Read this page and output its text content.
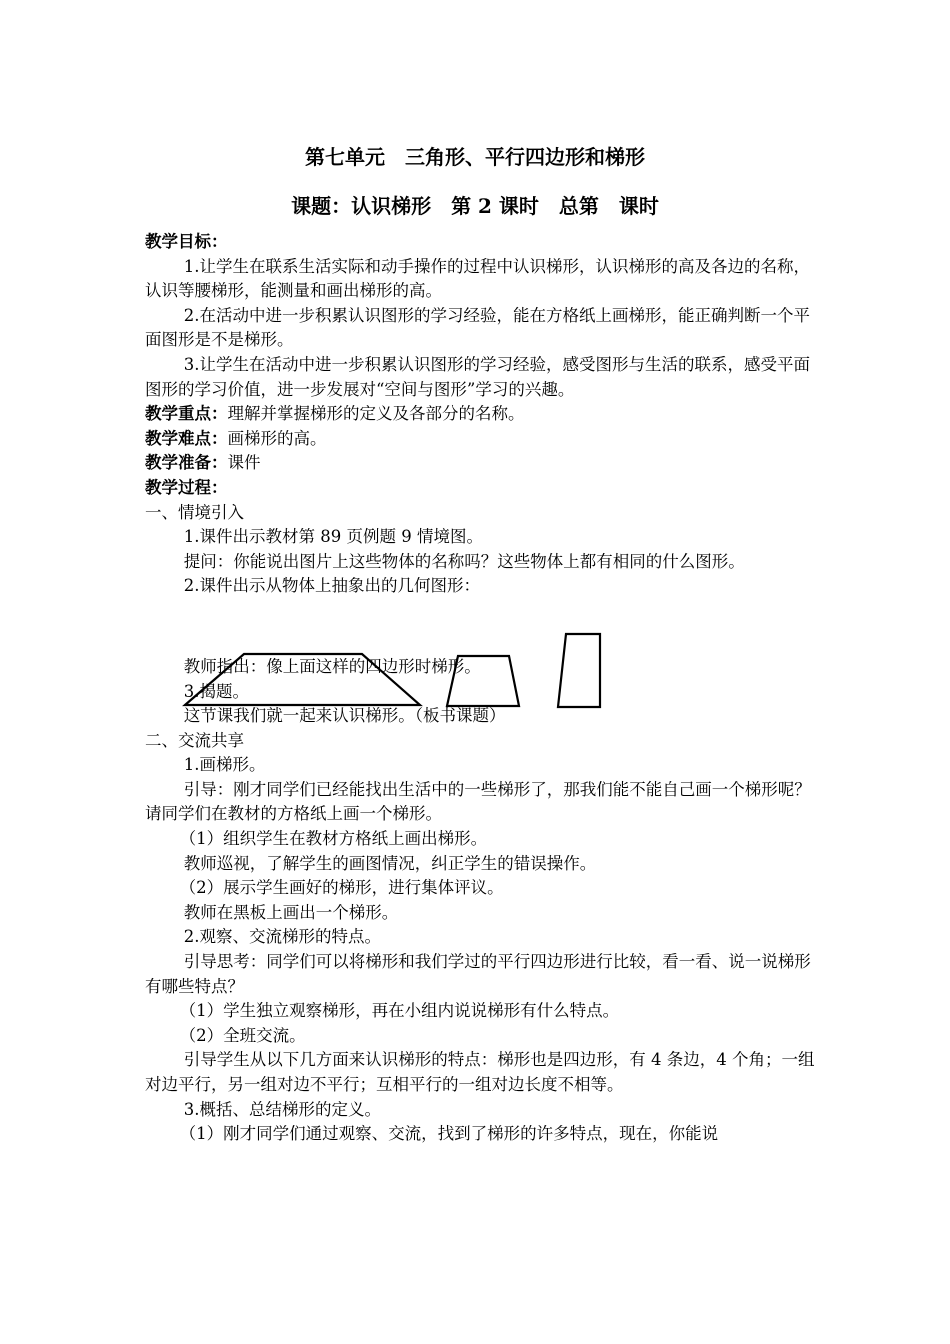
第七单元　三角形、平行四边形和梯形
课题：认识梯形　第 2 课时　总第　课时

教学目标：

1.让学生在联系生活实际和动手操作的过程中认识梯形，认识梯形的高及各边的名称，认识等腰梯形，能测量和画出梯形的高。

2.在活动中进一步积累认识图形的学习经验，能在方格纸上画梯形，能正确判断一个平面图形是不是梯形。

3.让学生在活动中进一步积累认识图形的学习经验，感受图形与生活的联系，感受平面图形的学习价值，进一步发展对“空间与图形”学习的兴趣。

教学重点：理解并掌握梯形的定义及各部分的名称。

教学难点：画梯形的高。

教学准备：课件

教学过程：

一、情境引入

1.课件出示教材第 89 页例题 9 情境图。

提问：你能说出图片上这些物体的名称吗？这些物体上都有相同的什么图形。

2.课件出示从物体上抽象出的几何图形：

教师指出：像上面这样的四边形时梯形。

3.揭题。

这节课我们就一起来认识梯形。（板书课题）

二、交流共享

1.画梯形。

引导：刚才同学们已经能找出生活中的一些梯形了，那我们能不能自己画一个梯形呢？请同学们在教材的方格纸上画一个梯形。

（1）组织学生在教材方格纸上画出梯形。

教师巡视，了解学生的画图情况，纠正学生的错误操作。

（2）展示学生画好的梯形，进行集体评议。

教师在黑板上画出一个梯形。

2.观察、交流梯形的特点。

引导思考：同学们可以将梯形和我们学过的平行四边形进行比较，看一看、说一说梯形有哪些特点？

（1）学生独立观察梯形，再在小组内说说梯形有什么特点。

（2）全班交流。

引导学生从以下几方面来认识梯形的特点：梯形也是四边形，有 4 条边，4 个角；一组对边平行，另一组对边不平行；互相平行的一组对边长度不相等。

3.概括、总结梯形的定义。

（1）刚才同学们通过观察、交流，找到了梯形的许多特点，现在，你能说
